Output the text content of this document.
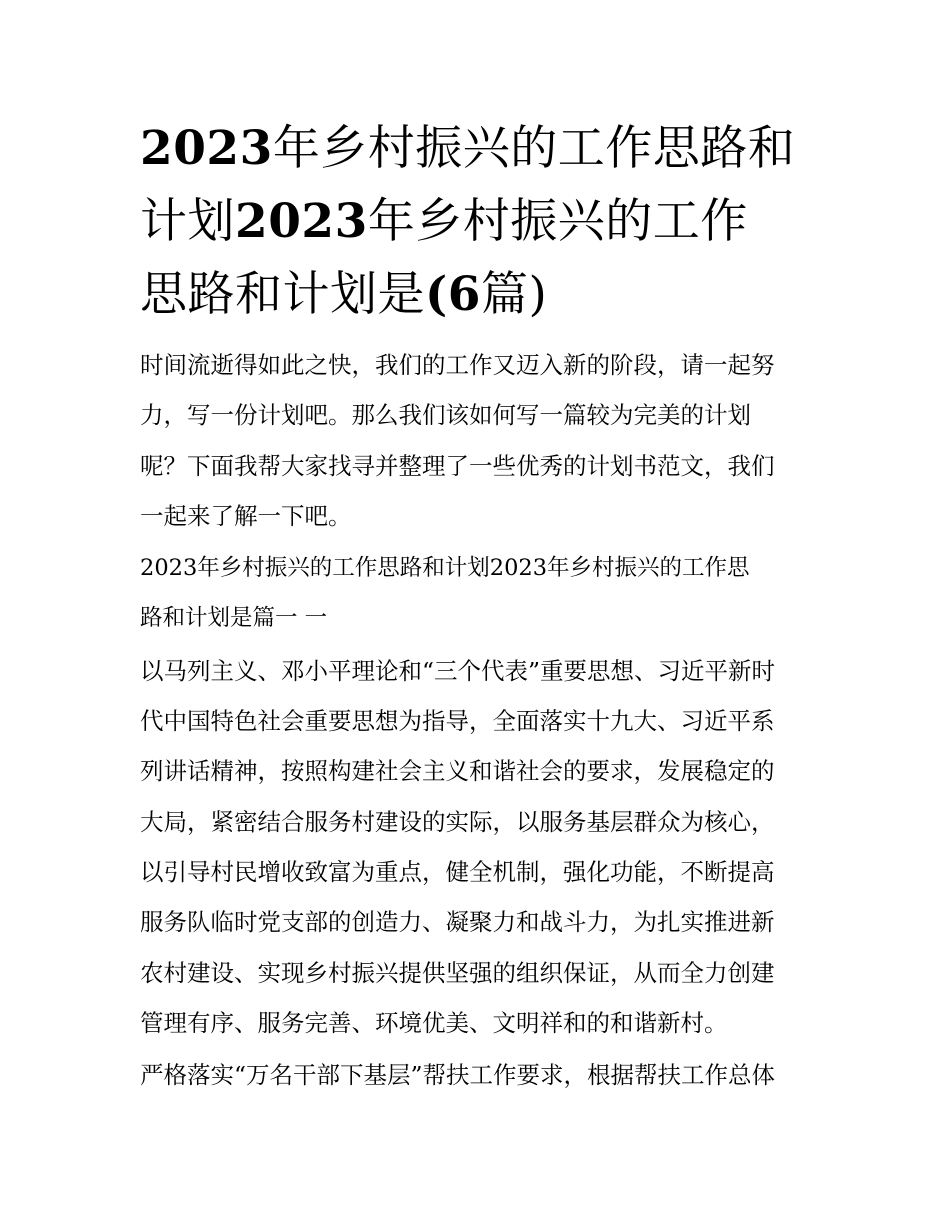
2023年乡村振兴的工作思路和
计划2023年乡村振兴的工作
思路和计划是(6篇)

时间流逝得如此之快，我们的工作又迈入新的阶段，请一起努
力，写一份计划吧。那么我们该如何写一篇较为完美的计划
呢？下面我帮大家找寻并整理了一些优秀的计划书范文，我们
一起来了解一下吧。

2023年乡村振兴的工作思路和计划2023年乡村振兴的工作思
路和计划是篇一 一

以马列主义、邓小平理论和“三个代表”重要思想、习近平新时
代中国特色社会重要思想为指导，全面落实十九大、习近平系
列讲话精神，按照构建社会主义和谐社会的要求，发展稳定的
大局，紧密结合服务村建设的实际，以服务基层群众为核心，
以引导村民增收致富为重点，健全机制，强化功能，不断提高
服务队临时党支部的创造力、凝聚力和战斗力，为扎实推进新
农村建设、实现乡村振兴提供坚强的组织保证，从而全力创建
管理有序、服务完善、环境优美、文明祥和的和谐新村。

严格落实“万名干部下基层”帮扶工作要求，根据帮扶工作总体
